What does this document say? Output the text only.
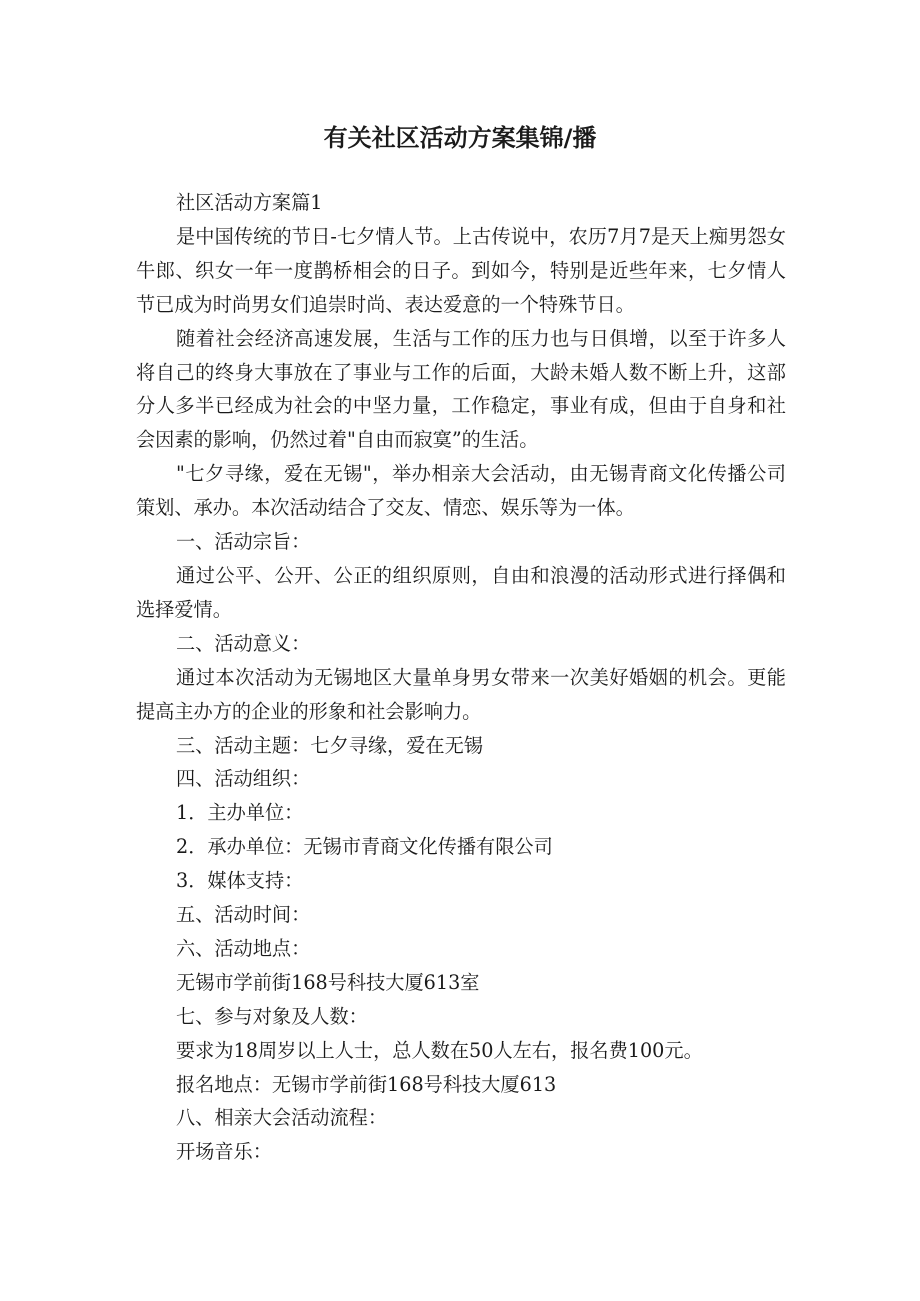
有关社区活动方案集锦/播

社区活动方案篇1

是中国传统的节日-七夕情人节。上古传说中，农历7月7是天上痴男怨女牛郎、织女一年一度鹊桥相会的日子。到如今，特别是近些年来，七夕情人节已成为时尚男女们追崇时尚、表达爱意的一个特殊节日。

随着社会经济高速发展，生活与工作的压力也与日俱增，以至于许多人将自己的终身大事放在了事业与工作的后面，大龄未婚人数不断上升，这部分人多半已经成为社会的中坚力量，工作稳定，事业有成，但由于自身和社会因素的影响，仍然过着"自由而寂寞”的生活。

"七夕寻缘，爱在无锡"，举办相亲大会活动，由无锡青商文化传播公司策划、承办。本次活动结合了交友、情恋、娱乐等为一体。

一、活动宗旨：

通过公平、公开、公正的组织原则，自由和浪漫的活动形式进行择偶和选择爱情。

二、活动意义：

通过本次活动为无锡地区大量单身男女带来一次美好婚姻的机会。更能提高主办方的企业的形象和社会影响力。

三、活动主题：七夕寻缘，爱在无锡

四、活动组织：

1．主办单位：

2．承办单位：无锡市青商文化传播有限公司

3．媒体支持：

五、活动时间：

六、活动地点：

无锡市学前街168号科技大厦613室

七、参与对象及人数：

要求为18周岁以上人士，总人数在50人左右，报名费100元。

报名地点：无锡市学前街168号科技大厦613

八、相亲大会活动流程：

开场音乐：
